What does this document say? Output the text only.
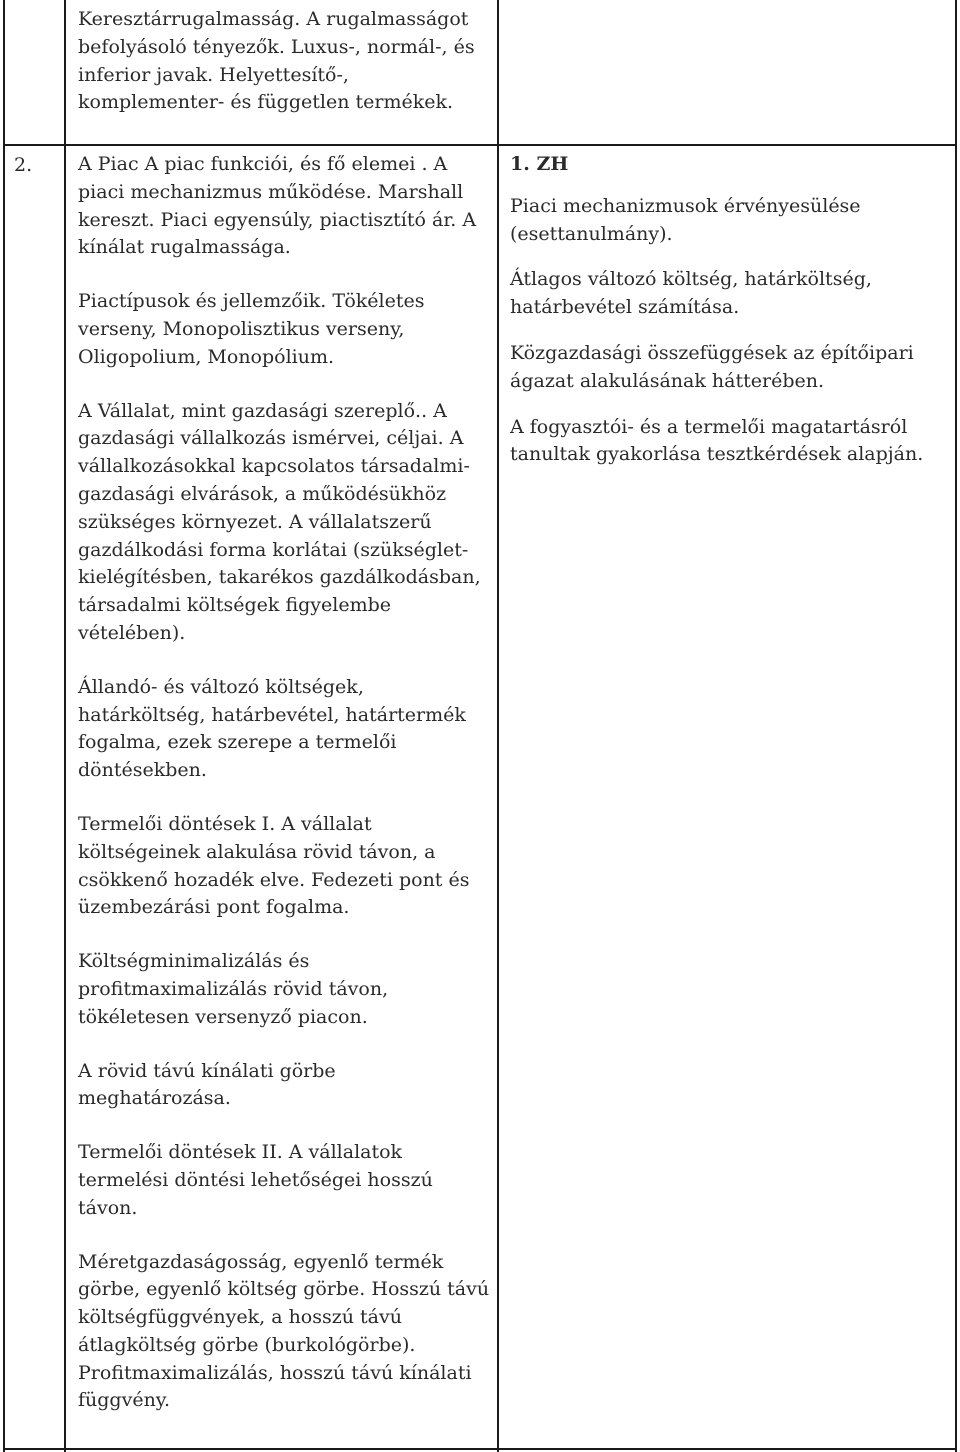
Keresztárrugalmasság. A rugalmasságot
befolyásoló tényezők. Luxus-, normál-, és
inferior javak. Helyettesítő-,
komplementer- és független termékek.

2. A Piac A piac funkciói, és fő elemei . A
piaci mechanizmus működése. Marshall
kereszt. Piaci egyensúly, piactisztító ár. A
kínálat rugalmassága.

Piactípusok és jellemzőik. Tökéletes
verseny, Monopolisztikus verseny,
Oligopolium, Monopólium.

A Vállalat, mint gazdasági szereplő.. A
gazdasági vállalkozás ismérvei, céljai. A
vállalkozásokkal kapcsolatos társadalmi-
gazdasági elvárások, a működésükhöz
szükséges környezet. A vállalatszerű
gazdálkodási forma korlátai (szükséglet-
kielégítésben, takarékos gazdálkodásban,
társadalmi költségek figyelembe
vételében).

Állandó- és változó költségek,
határköltség, határbevétel, határtermék
fogalma, ezek szerepe a termelői
döntésekben.

Termelői döntések I. A vállalat
költségeinek alakulása rövid távon, a
csökkenő hozadék elve. Fedezeti pont és
üzembezárási pont fogalma.

Költségminimalizálás és
profitmaximalizálás rövid távon,
tökéletesen versenyző piacon.

A rövid távú kínálati görbe
meghatározása.

Termelői döntések II. A vállalatok
termelési döntési lehetőségei hosszú
távon.

Méretgazdaságosság, egyenlő termék
görbe, egyenlő költség görbe. Hosszú távú
költségfüggvények, a hosszú távú
átlagköltség görbe (burkológörbe).
Profitmaximalizálás, hosszú távú kínálati
függvény.

1. ZH

Piaci mechanizmusok érvényesülése
(esettanulmány).

Átlagos változó költség, határköltség,
határbevétel számítása.

Közgazdasági összefüggések az építőipari
ágazat alakulásának hátterében.

A fogyasztói- és a termelői magatartásról
tanultak gyakorlása tesztkérdések alapján.
